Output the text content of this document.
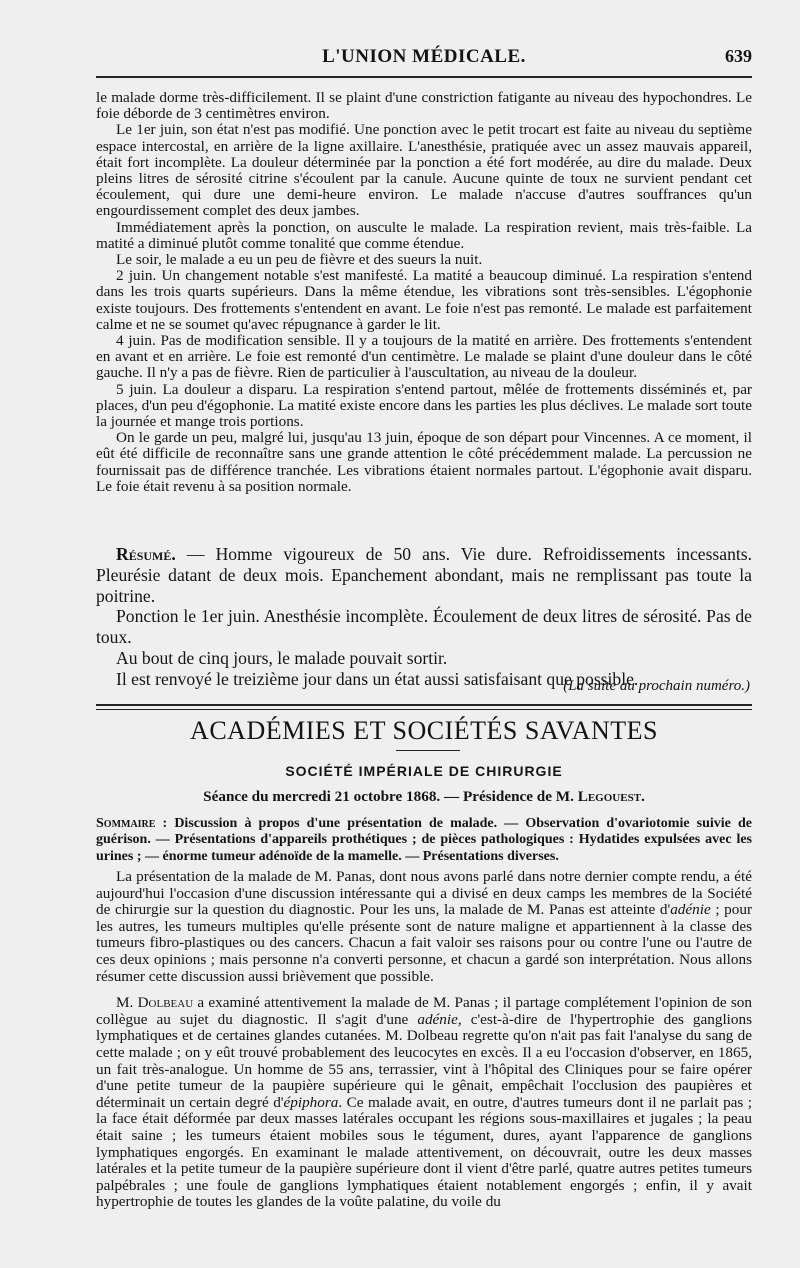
L'UNION MÉDICALE.	639

le malade dorme très-difficilement. Il se plaint d'une constriction fatigante au niveau des hypochondres. Le foie déborde de 3 centimètres environ.

Le 1er juin, son état n'est pas modifié. Une ponction avec le petit trocart est faite au niveau du septième espace intercostal, en arrière de la ligne axillaire. L'anesthésie, pratiquée avec un assez mauvais appareil, était fort incomplète. La douleur déterminée par la ponction a été fort modérée, au dire du malade. Deux pleins litres de sérosité citrine s'écoulent par la canule. Aucune quinte de toux ne survient pendant cet écoulement, qui dure une demi-heure environ. Le malade n'accuse d'autres souffrances qu'un engourdissement complet des deux jambes.

Immédiatement après la ponction, on ausculte le malade. La respiration revient, mais très-faible. La matité a diminué plutôt comme tonalité que comme étendue.

Le soir, le malade a eu un peu de fièvre et des sueurs la nuit.

2 juin. Un changement notable s'est manifesté. La matité a beaucoup diminué. La respiration s'entend dans les trois quarts supérieurs. Dans la même étendue, les vibrations sont très-sensibles. L'égophonie existe toujours. Des frottements s'entendent en avant. Le foie n'est pas remonté. Le malade est parfaitement calme et ne se soumet qu'avec répugnance à garder le lit.

4 juin. Pas de modification sensible. Il y a toujours de la matité en arrière. Des frottements s'entendent en avant et en arrière. Le foie est remonté d'un centimètre. Le malade se plaint d'une douleur dans le côté gauche. Il n'y a pas de fièvre. Rien de particulier à l'auscultation, au niveau de la douleur.

5 juin. La douleur a disparu. La respiration s'entend partout, mêlée de frottements disséminés et, par places, d'un peu d'égophonie. La matité existe encore dans les parties les plus déclives. Le malade sort toute la journée et mange trois portions.

On le garde un peu, malgré lui, jusqu'au 13 juin, époque de son départ pour Vincennes. A ce moment, il eût été difficile de reconnaître sans une grande attention le côté précédemment malade. La percussion ne fournissait pas de différence tranchée. Les vibrations étaient normales partout. L'égophonie avait disparu. Le foie était revenu à sa position normale.

Résumé. — Homme vigoureux de 50 ans. Vie dure. Refroidissements incessants. Pleurésie datant de deux mois. Epanchement abondant, mais ne remplissant pas toute la poitrine.

Ponction le 1er juin. Anesthésie incomplète. Écoulement de deux litres de sérosité. Pas de toux.

Au bout de cinq jours, le malade pouvait sortir.

Il est renvoyé le treizième jour dans un état aussi satisfaisant que possible.

(La suite au prochain numéro.)
ACADÉMIES ET SOCIÉTÉS SAVANTES
SOCIÉTÉ IMPÉRIALE DE CHIRURGIE
Séance du mercredi 21 octobre 1868. — Présidence de M. Legouest.
Sommaire : Discussion à propos d'une présentation de malade. — Observation d'ovariotomie suivie de guérison. — Présentations d'appareils prothétiques ; de pièces pathologiques : Hydatides expulsées avec les urines ; — énorme tumeur adénoïde de la mamelle. — Présentations diverses.

La présentation de la malade de M. Panas, dont nous avons parlé dans notre dernier compte rendu, a été aujourd'hui l'occasion d'une discussion intéressante qui a divisé en deux camps les membres de la Société de chirurgie sur la question du diagnostic. Pour les uns, la malade de M. Panas est atteinte d'adénie ; pour les autres, les tumeurs multiples qu'elle présente sont de nature maligne et appartiennent à la classe des tumeurs fibro-plastiques ou des cancers. Chacun a fait valoir ses raisons pour ou contre l'une ou l'autre de ces deux opinions ; mais personne n'a converti personne, et chacun a gardé son interprétation. Nous allons résumer cette discussion aussi brièvement que possible.

M. Dolbeau a examiné attentivement la malade de M. Panas ; il partage complétement l'opinion de son collègue au sujet du diagnostic. Il s'agit d'une adénie, c'est-à-dire de l'hypertrophie des ganglions lymphatiques et de certaines glandes cutanées. M. Dolbeau regrette qu'on n'ait pas fait l'analyse du sang de cette malade ; on y eût trouvé probablement des leucocytes en excès. Il a eu l'occasion d'observer, en 1865, un fait très-analogue. Un homme de 55 ans, terrassier, vint à l'hôpital des Cliniques pour se faire opérer d'une petite tumeur de la paupière supérieure qui le gênait, empêchait l'occlusion des paupières et déterminait un certain degré d'épiphora. Ce malade avait, en outre, d'autres tumeurs dont il ne parlait pas ; la face était déformée par deux masses latérales occupant les régions sous-maxillaires et jugales ; la peau était saine ; les tumeurs étaient mobiles sous le tégument, dures, ayant l'apparence de ganglions lymphatiques engorgés. En examinant le malade attentivement, on découvrait, outre les deux masses latérales et la petite tumeur de la paupière supérieure dont il vient d'être parlé, quatre autres petites tumeurs palpébrales ; une foule de ganglions lymphatiques étaient notablement engorgés ; enfin, il y avait hypertrophie de toutes les glandes de la voûte palatine, du voile du
